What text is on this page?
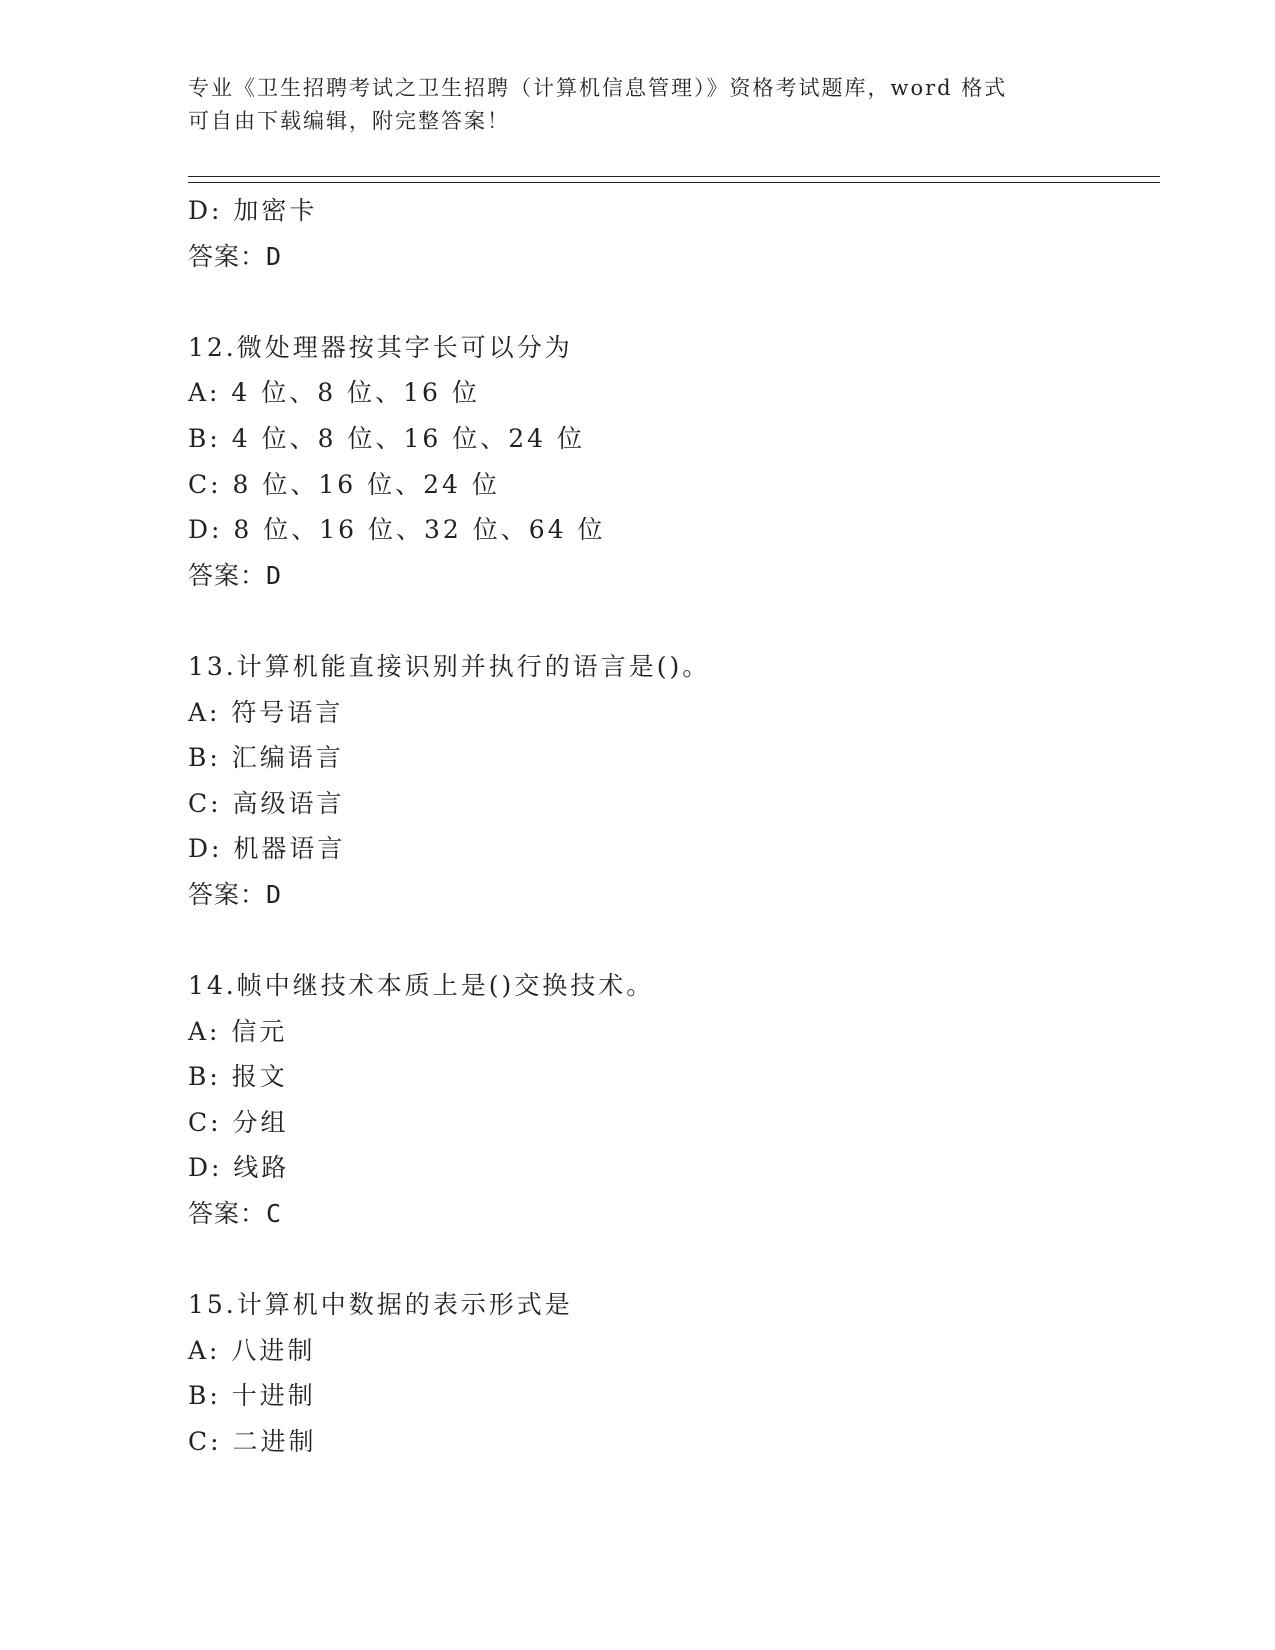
专业《卫生招聘考试之卫生招聘（计算机信息管理）》资格考试题库，word 格式
可自由下载编辑，附完整答案！
D: 加密卡
答案：D
12.微处理器按其字长可以分为
A: 4 位、8 位、16 位
B: 4 位、8 位、16 位、24 位
C: 8 位、16 位、24 位
D: 8 位、16 位、32 位、64 位
答案：D
13.计算机能直接识别并执行的语言是()。
A: 符号语言
B: 汇编语言
C: 高级语言
D: 机器语言
答案：D
14.帧中继技术本质上是()交换技术。
A: 信元
B: 报文
C: 分组
D: 线路
答案：C
15.计算机中数据的表示形式是
A: 八进制
B: 十进制
C: 二进制
